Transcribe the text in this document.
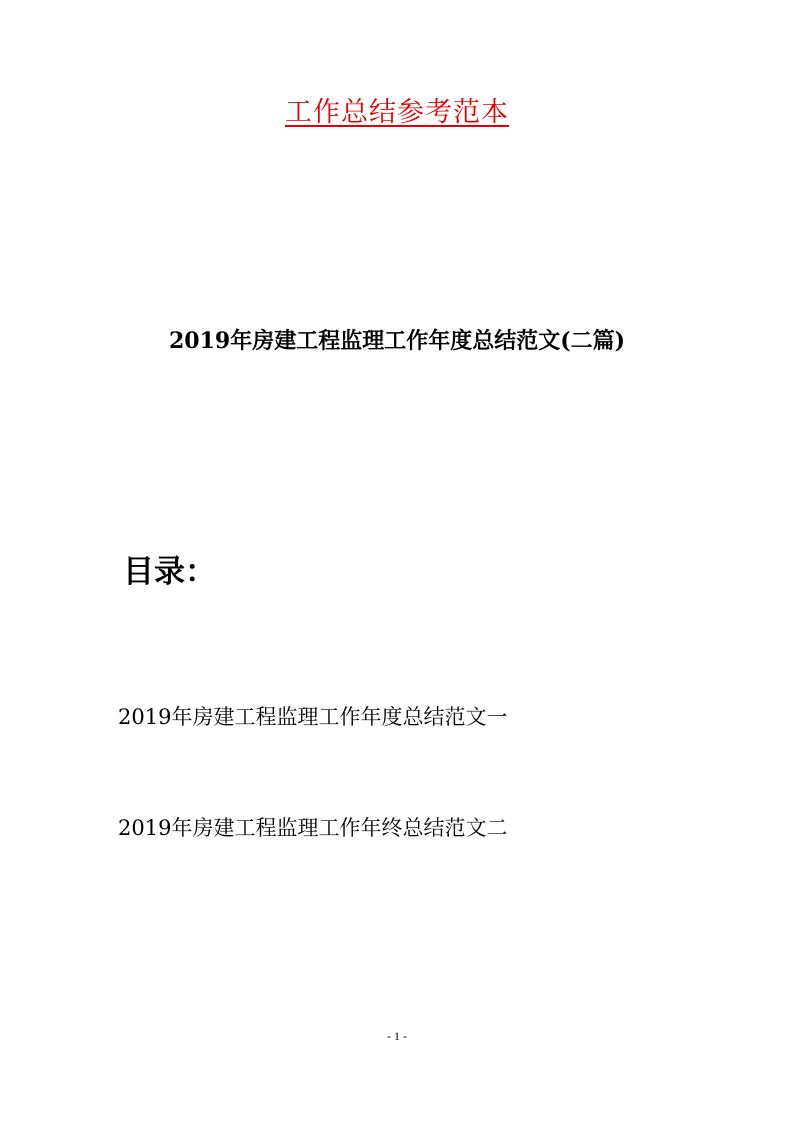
工作总结参考范本
2019年房建工程监理工作年度总结范文(二篇)
目录：
2019年房建工程监理工作年度总结范文一
2019年房建工程监理工作年终总结范文二
- 1 -
